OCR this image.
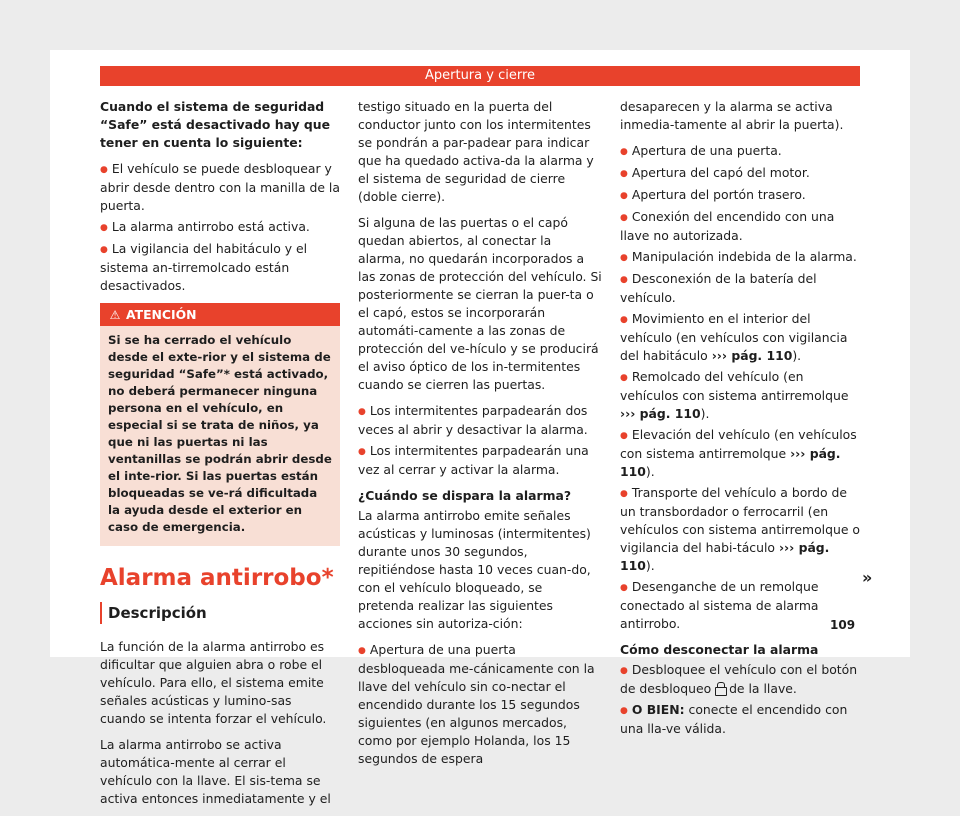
Apertura y cierre

Cuando el sistema de seguridad “Safe” está desactivado hay que tener en cuenta lo siguiente:

● El vehículo se puede desbloquear y abrir desde dentro con la manilla de la puerta.
● La alarma antirrobo está activa.
● La vigilancia del habitáculo y el sistema an-tirremolcado están desactivados.
⚠ ATENCIÓN
Si se ha cerrado el vehículo desde el exte-rior y el sistema de seguridad “Safe”* está activado, no deberá permanecer ninguna persona en el vehículo, en especial si se trata de niños, ya que ni las puertas ni las ventanillas se podrán abrir desde el inte-rior. Si las puertas están bloqueadas se ve-rá dificultada la ayuda desde el exterior en caso de emergencia.
Alarma antirrobo*
Descripción

La función de la alarma antirrobo es dificultar que alguien abra o robe el vehículo. Para ello, el sistema emite señales acústicas y lumino-sas cuando se intenta forzar el vehículo.

La alarma antirrobo se activa automática-mente al cerrar el vehículo con la llave. El sis-tema se activa entonces inmediatamente y el

testigo situado en la puerta del conductor junto con los intermitentes se pondrán a par-padear para indicar que ha quedado activa-da la alarma y el sistema de seguridad de cierre (doble cierre).

Si alguna de las puertas o el capó quedan abiertos, al conectar la alarma, no quedarán incorporados a las zonas de protección del vehículo. Si posteriormente se cierran la puer-ta o el capó, estos se incorporarán automáti-camente a las zonas de protección del ve-hículo y se producirá el aviso óptico de los in-termitentes cuando se cierren las puertas.

● Los intermitentes parpadearán dos veces al abrir y desactivar la alarma.
● Los intermitentes parpadearán una vez al cerrar y activar la alarma.
¿Cuándo se dispara la alarma?

La alarma antirrobo emite señales acústicas y luminosas (intermitentes) durante unos 30 segundos, repitiéndose hasta 10 veces cuan-do, con el vehículo bloqueado, se pretenda realizar las siguientes acciones sin autoriza-ción:

● Apertura de una puerta desbloqueada me-cánicamente con la llave del vehículo sin co-nectar el encendido durante los 15 segundos siguientes (en algunos mercados, como por ejemplo Holanda, los 15 segundos de espera

desaparecen y la alarma se activa inmedia-tamente al abrir la puerta).

● Apertura de una puerta.
● Apertura del capó del motor.
● Apertura del portón trasero.
● Conexión del encendido con una llave no autorizada.
● Manipulación indebida de la alarma.
● Desconexión de la batería del vehículo.
● Movimiento en el interior del vehículo (en vehículos con vigilancia del habitáculo ››› pág. 110).
● Remolcado del vehículo (en vehículos con sistema antirremolque ››› pág. 110).
● Elevación del vehículo (en vehículos con sistema antirremolque ››› pág. 110).
● Transporte del vehículo a bordo de un transbordador o ferrocarril (en vehículos con sistema antirremolque o vigilancia del habi-táculo ››› pág. 110).
● Desenganche de un remolque conectado al sistema de alarma antirrobo.
Cómo desconectar la alarma
● Desbloquee el vehículo con el botón de desbloqueo  de la llave.
● O BIEN: conecte el encendido con una lla-ve válida.
»
109
